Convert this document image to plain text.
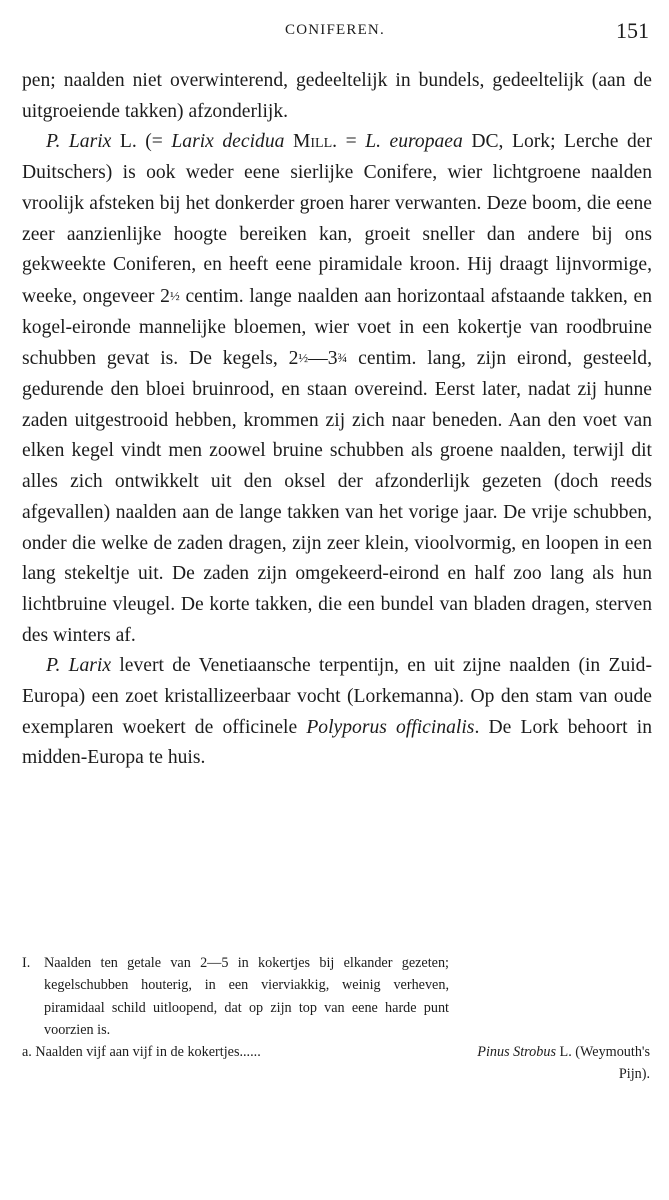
CONIFEREN.	151

pen; naalden niet overwinterend, gedeeltelijk in bundels, gedeeltelijk (aan de uitgroeiende takken) afzonderlijk.

P. Larix L. (= Larix decidua Mill. = L. europaea DC, Lork; Lerche der Duitschers) is ook weder eene sierlijke Conifere, wier lichtgroene naalden vroolijk afsteken bij het donkerder groen harer verwanten. Deze boom, die eene zeer aanzienlijke hoogte bereiken kan, groeit sneller dan andere bij ons gekweekte Coniferen, en heeft eene piramidale kroon. Hij draagt lijnvormige, weeke, ongeveer 2½ centim. lange naalden aan horizontaal afstaande takken, en kogel-eironde mannelijke bloemen, wier voet in een kokertje van roodbruine schubben gevat is. De kegels, 2½—3¾ centim. lang, zijn eirond, gesteeld, gedurende den bloei bruinrood, en staan overeind. Eerst later, nadat zij hunne zaden uitgestrooid hebben, krommen zij zich naar beneden. Aan den voet van elken kegel vindt men zoowel bruine schubben als groene naalden, terwijl dit alles zich ontwikkelt uit den oksel der afzonderlijk gezeten (doch reeds afgevallen) naalden aan de lange takken van het vorige jaar. De vrije schubben, onder die welke de zaden dragen, zijn zeer klein, vioolvormig, en loopen in een lang stekeltje uit. De zaden zijn omgekeerd-eirond en half zoo lang als hun lichtbruine vleugel. De korte takken, die een bundel van bladen dragen, sterven des winters af.

P. Larix levert de Venetiaansche terpentijn, en uit zijne naalden (in Zuid-Europa) een zoet kristallizeerbaar vocht (Lorkemanna). Op den stam van oude exemplaren woekert de officinele Polyporus officinalis. De Lork behoort in midden-Europa te huis.

I. Naalden ten getale van 2—5 in kokertjes bij elkander gezeten; kegelschubben houterig, in een vierviakkig, weinig verheven, piramidaal schild uitloopend, dat op zijn top van eene harde punt voorzien is.
a. Naalden vijf aan vijf in de kokertjes......	Pinus Strobus L. (Weymouth's
Pijn).
